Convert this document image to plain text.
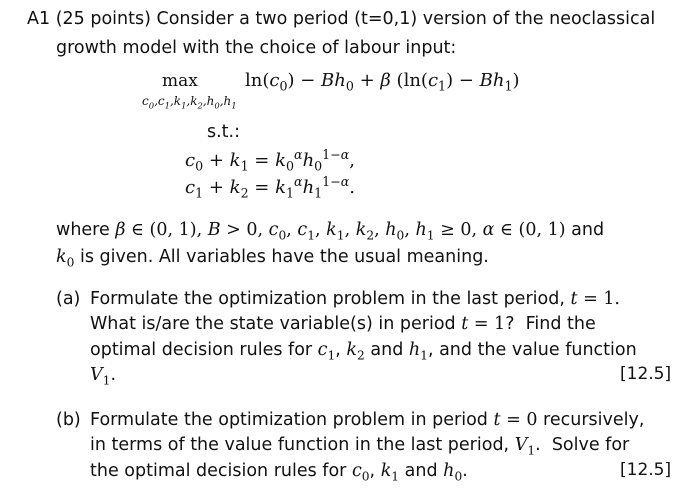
A1 (25 points) Consider a two period (t=0,1) version of the neoclassical
growth model with the choice of labour input:
max
$c_0,c_1,k_1,k_2,h_0,h_1$
$\ln(c_0) - Bh_0 + \beta$ $(\ln(c_1) - Bh_1)$
s.t.:
$c_0 + k_1 = k_0^\alpha h_0^{1-\alpha}$,
$c_1 + k_2 = k_1^\alpha h_1^{1-\alpha}$.
where β ∈ (0, 1), B > 0, $c_0$, $c_1$, $k_1$, $k_2$, $h_0$, $h_1 \ge 0$, α ∈ (0, 1) and
$k_0$ is given. All variables have the usual meaning.
(a) Formulate the optimization problem in the last period, t = 1.
What is/are the state variable(s) in period t = 1?  Find the
optimal decision rules for $c_1$, $k_2$ and $h_1$, and the value function
$V_1$.	[12.5]
(b) Formulate the optimization problem in period t = 0 recursively,
in terms of the value function in the last period, $V_1$.  Solve for
the optimal decision rules for $c_0$, $k_1$ and $h_0$.	[12.5]
